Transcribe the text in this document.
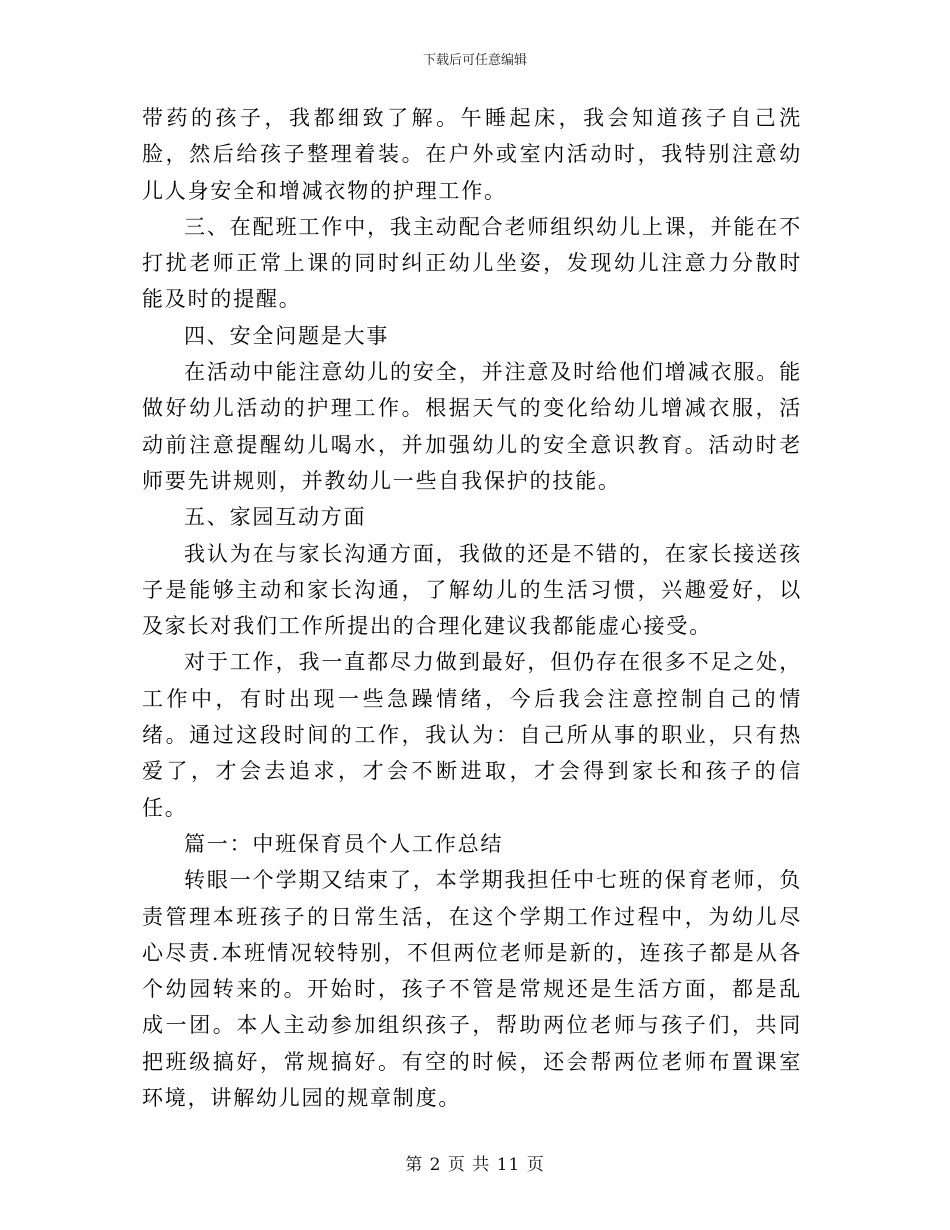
下载后可任意编辑

带药的孩子，我都细致了解。午睡起床，我会知道孩子自己洗脸，然后给孩子整理着装。在户外或室内活动时，我特别注意幼儿人身安全和增减衣物的护理工作。

三、在配班工作中，我主动配合老师组织幼儿上课，并能在不打扰老师正常上课的同时纠正幼儿坐姿，发现幼儿注意力分散时能及时的提醒。

四、安全问题是大事

在活动中能注意幼儿的安全，并注意及时给他们增减衣服。能做好幼儿活动的护理工作。根据天气的变化给幼儿增减衣服，活动前注意提醒幼儿喝水，并加强幼儿的安全意识教育。活动时老师要先讲规则，并教幼儿一些自我保护的技能。

五、家园互动方面

我认为在与家长沟通方面，我做的还是不错的，在家长接送孩子是能够主动和家长沟通，了解幼儿的生活习惯，兴趣爱好，以及家长对我们工作所提出的合理化建议我都能虚心接受。

对于工作，我一直都尽力做到最好，但仍存在很多不足之处，工作中，有时出现一些急躁情绪，今后我会注意控制自己的情绪。通过这段时间的工作，我认为：自己所从事的职业，只有热爱了，才会去追求，才会不断进取，才会得到家长和孩子的信任。

篇一：中班保育员个人工作总结

转眼一个学期又结束了，本学期我担任中七班的保育老师，负责管理本班孩子的日常生活，在这个学期工作过程中，为幼儿尽心尽责.本班情况较特别，不但两位老师是新的，连孩子都是从各个幼园转来的。开始时，孩子不管是常规还是生活方面，都是乱成一团。本人主动参加组织孩子，帮助两位老师与孩子们，共同把班级搞好，常规搞好。有空的时候，还会帮两位老师布置课室环境，讲解幼儿园的规章制度。

第 2 页 共 11 页
